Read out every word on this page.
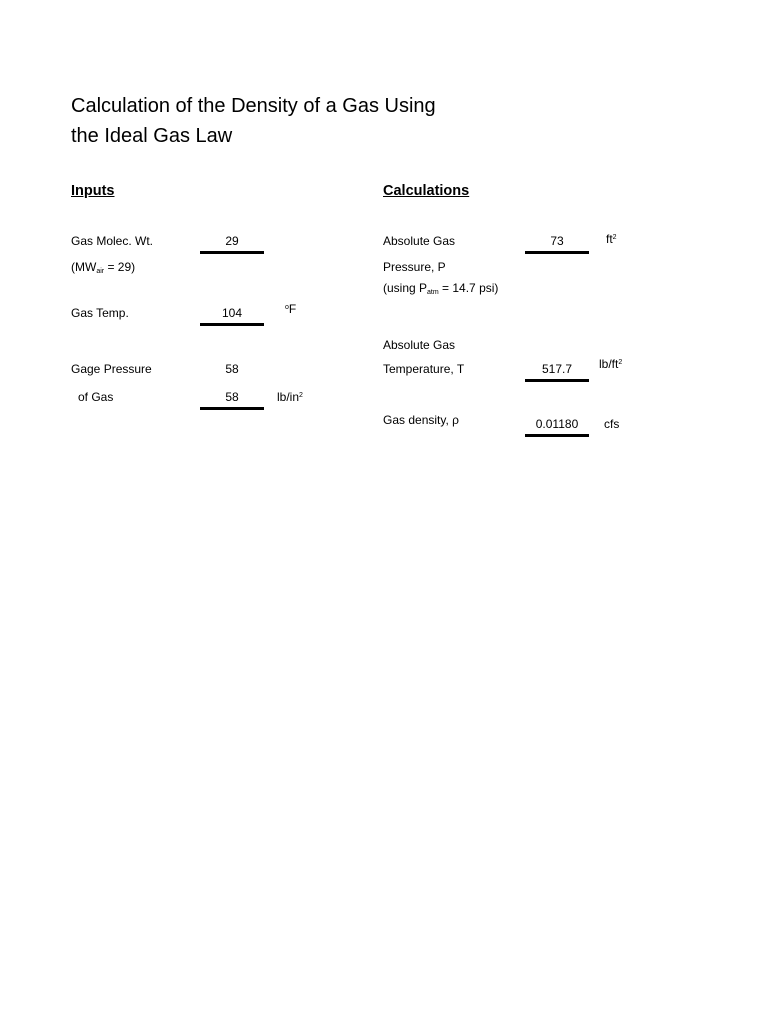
Calculation of the Density of a Gas Using
the Ideal Gas Law
Inputs
Gas Molec. Wt.	29
$(MW_{air} = 29)$
Gas Temp.	104	$^o$F
Gage Pressure	58
of Gas	58	$lb/in^2$
Calculations
Absolute Gas	73	$ft^2$
Pressure, P
(using $P_{atm} = 14.7$ psi)
Absolute Gas
Temperature, T	517.7	$lb/ft^2$
Gas density, ρ	0.01180	cfs
